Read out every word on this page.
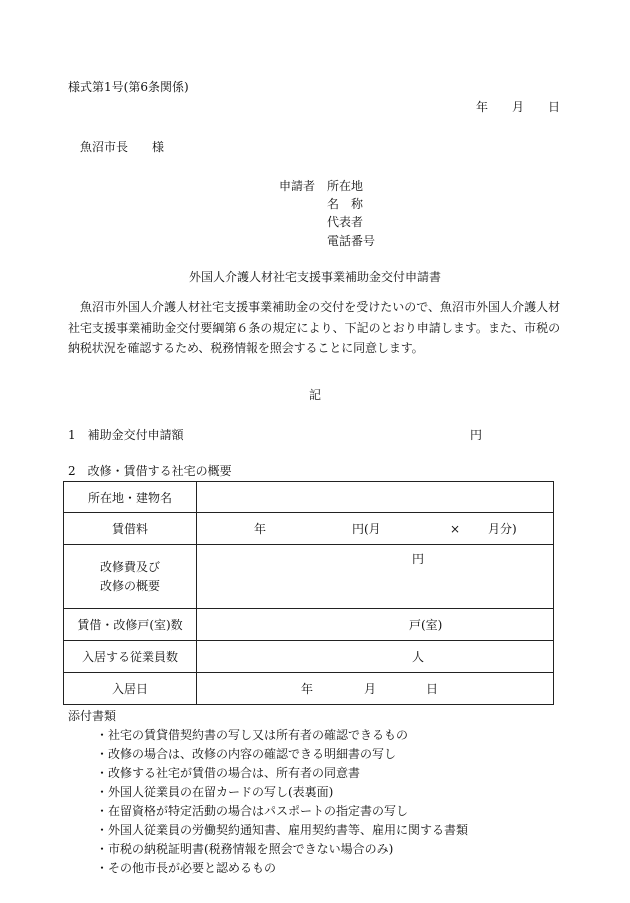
様式第1号(第6条関係)
年 月 日
魚沼市長　　様
申請者 所在地
名　称
代表者
電話番号
外国人介護人材社宅支援事業補助金交付申請書
魚沼市外国人介護人材社宅支援事業補助金の交付を受けたいので、魚沼市外国人介護人材社宅支援事業補助金交付要綱第６条の規定により、下記のとおり申請します。また、市税の納税状況を確認するため、税務情報を照会することに同意します。
記
1　補助金交付申請額	円
2　改修・賃借する社宅の概要
所在地・建物名	
賃借料	年 円(月 × 月分)

改修費及び
改修の概要	円

賃借・改修戸(室)数	戸(室)

入居する従業員数	人

入居日	年 月 日
添付書類
・社宅の賃貸借契約書の写し又は所有者の確認できるもの
・改修の場合は、改修の内容の確認できる明細書の写し
・改修する社宅が賃借の場合は、所有者の同意書
・外国人従業員の在留カードの写し(表裏面)
・在留資格が特定活動の場合はパスポートの指定書の写し
・外国人従業員の労働契約通知書、雇用契約書等、雇用に関する書類
・市税の納税証明書(税務情報を照会できない場合のみ)
・その他市長が必要と認めるもの
